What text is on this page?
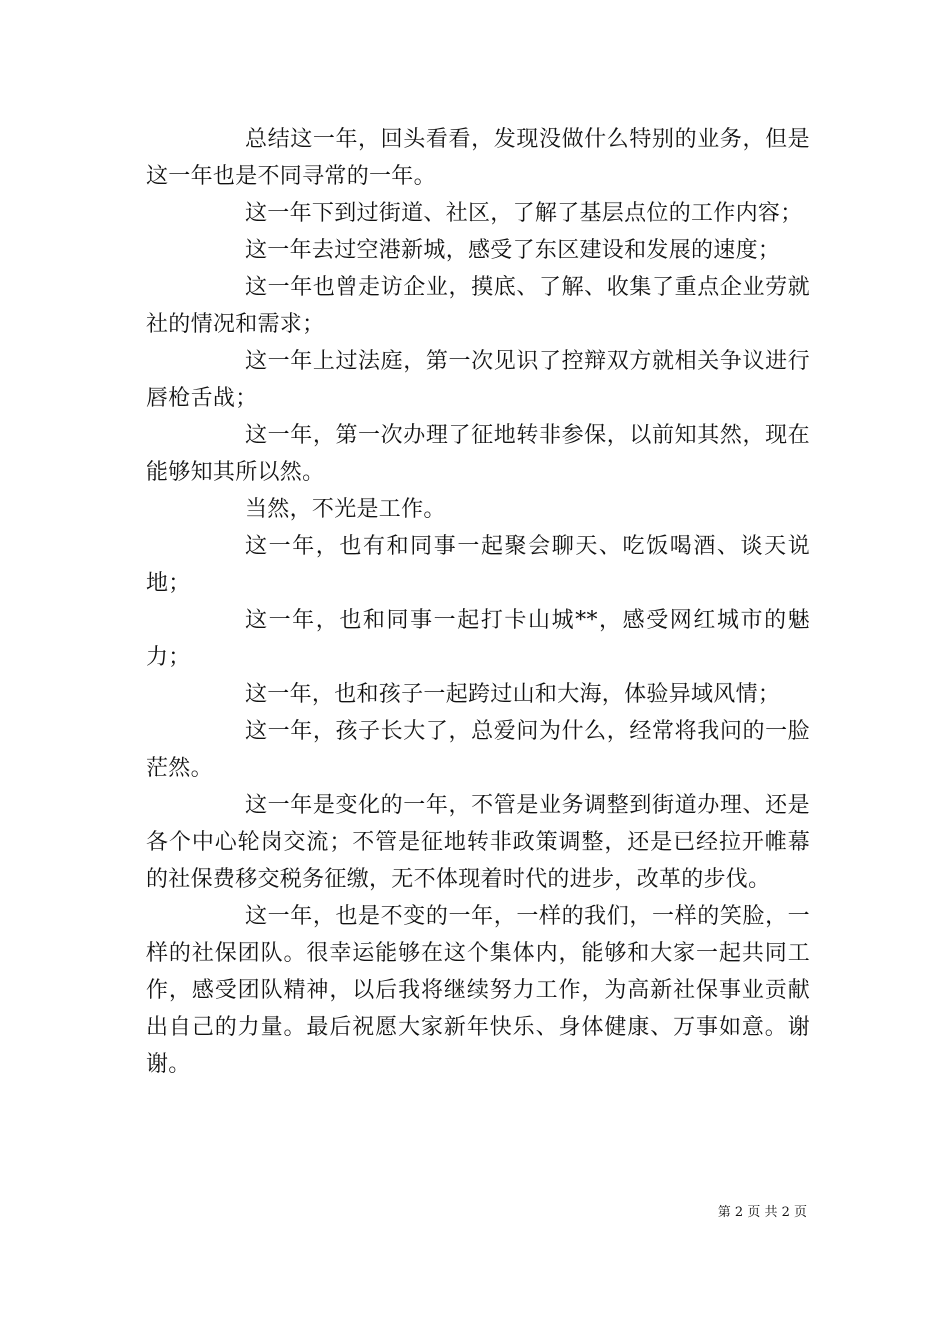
总结这一年，回头看看，发现没做什么特别的业务，但是这一年也是不同寻常的一年。

这一年下到过街道、社区，了解了基层点位的工作内容；

这一年去过空港新城，感受了东区建设和发展的速度；

这一年也曾走访企业，摸底、了解、收集了重点企业劳就社的情况和需求；

这一年上过法庭，第一次见识了控辩双方就相关争议进行唇枪舌战；

这一年，第一次办理了征地转非参保，以前知其然，现在能够知其所以然。

当然，不光是工作。

这一年，也有和同事一起聚会聊天、吃饭喝酒、谈天说地；

这一年，也和同事一起打卡山城**，感受网红城市的魅力；

这一年，也和孩子一起跨过山和大海，体验异域风情；

这一年，孩子长大了，总爱问为什么，经常将我问的一脸茫然。

这一年是变化的一年，不管是业务调整到街道办理、还是各个中心轮岗交流；不管是征地转非政策调整，还是已经拉开帷幕的社保费移交税务征缴，无不体现着时代的进步，改革的步伐。

这一年，也是不变的一年，一样的我们，一样的笑脸，一样的社保团队。很幸运能够在这个集体内，能够和大家一起共同工作，感受团队精神，以后我将继续努力工作，为高新社保事业贡献出自己的力量。最后祝愿大家新年快乐、身体健康、万事如意。谢谢。

第 2 页 共 2 页
